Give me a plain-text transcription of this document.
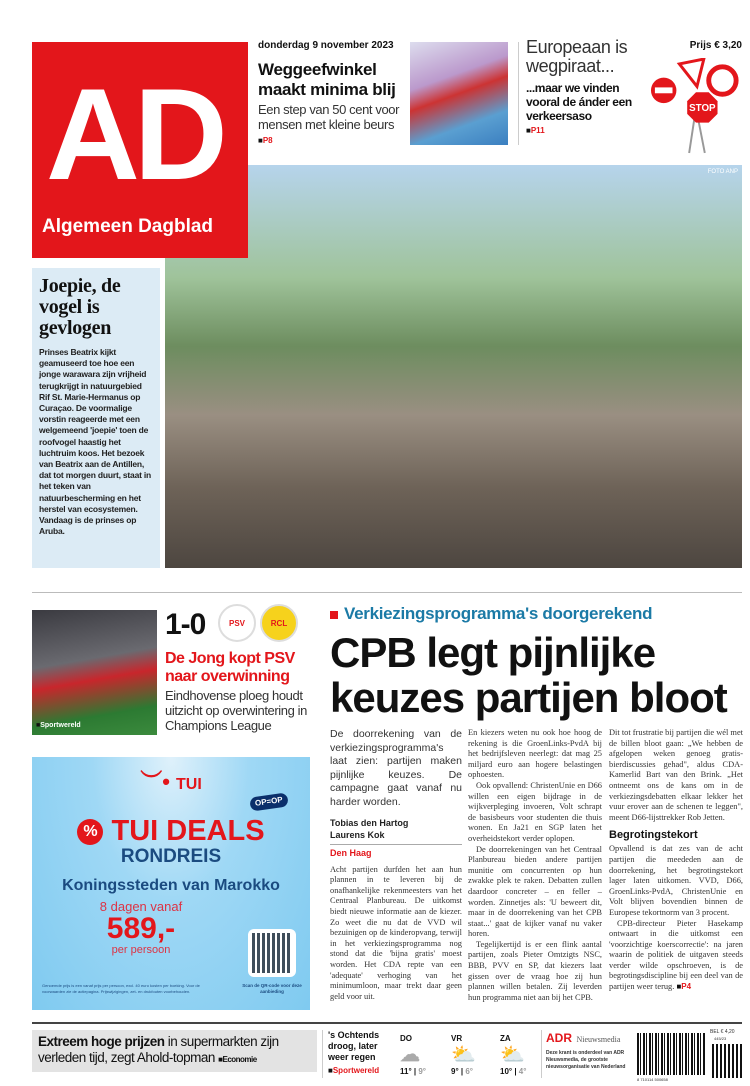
AD
Algemeen Dagblad
donderdag 9 november 2023
Weggeefwinkel maakt minima blij
Een step van 50 cent voor mensen met kleine beurs
■ P8
Europeaan is wegpiraat...
...maar we vinden vooral de ánder een verkeersaso
■ P11
Prijs € 3,20
STOP
FOTO ANP
Joepie, de vogel is gevlogen

Prinses Beatrix kijkt geamuseerd toe hoe een jonge warawara zijn vrijheid terugkrijgt in natuurgebied Rif St. Marie-Hermanus op Curaçao. De voormalige vorstin reageerde met een welgemeend 'joepie' toen de roofvogel haastig het luchtruim koos. Het bezoek van Beatrix aan de Antillen, dat tot morgen duurt, staat in het teken van natuurbescherming en het herstel van ecosystemen. Vandaag is de prinses op Aruba.

■ Sportwereld
1-0	PSV	RCL
De Jong kopt PSV naar overwinning
Eindhovense ploeg houdt uitzicht op overwintering in Champions League
︶• TUI
OP=OP
% TUI DEALS
RONDREIS
Koningssteden van Marokko
8 dagen vanaf
589,-
per persoon
Scan de QR-code voor deze aanbieding
Genoemde prijs is een vanaf prijs per persoon, excl. 40 euro kosten per boeking. Voor de voorwaarden zie de actiepagina. Prijswijzigingen, zet- en drukfouten voorbehouden.
Verkiezingsprogramma's doorgerekend
CPB legt pijnlijke keuzes partijen bloot
De doorrekening van de verkiezingsprogramma's laat zien: partijen maken pijnlijke keuzes. De campagne gaat vanaf nu harder worden.
Tobias den Hartog
Laurens Kok
Den Haag

Acht partijen durfden het aan hun plannen in te leveren bij de onafhankelijke rekenmeesters van het Centraal Planbureau. De uitkomst biedt nieuwe informatie aan de kiezer. Zo weet die nu dat de VVD wil bezuinigen op de kinderopvang, terwijl in het verkiezingsprogramma nog stond dat die 'bijna gratis' moest worden. Het CDA repte van een 'adequate' verhoging van het minimumloon, maar trekt daar geen geld voor uit.

En kiezers weten nu ook hoe hoog de rekening is die GroenLinks-PvdA bij het bedrijfsleven neerlegt: dat mag 25 miljard euro aan hogere belastingen ophoesten.

Ook opvallend: ChristenUnie en D66 willen een eigen bijdrage in de wijkverpleging invoeren, Volt schrapt de basisbeurs voor studenten die thuis wonen. En Ja21 en SGP laten het overheidstekort verder oplopen.

De doorrekeningen van het Centraal Planbureau bieden andere partijen munitie om concurrenten op hun zwakke plek te raken. Debatten zullen daardoor concreter – en feller – worden. Zinnetjes als: 'U beweert dit, maar in de doorrekening van het CPB staat...' gaat de kijker vanaf nu vaker horen.

Tegelijkertijd is er een flink aantal partijen, zoals Pieter Omtzigts NSC, BBB, PVV en SP, dat kiezers laat gissen over de vraag hoe zij hun plannen willen betalen. Zij leverden hun programma niet aan bij het CPB.

Dit tot frustratie bij partijen die wél met de billen bloot gaan: „We hebben de afgelopen weken genoeg gratis-bierdiscussies gehad", aldus CDA-Kamerlid Bart van den Brink. „Het ontneemt ons de kans om in de verkiezingsdebatten elkaar lekker het vuur erover aan de schenen te leggen", meent D66-lijsttrekker Rob Jetten.

Begrotingstekort

Opvallend is dat zes van de acht partijen die meededen aan de doorrekening, het begrotingstekort lager laten uitkomen. VVD, D66, GroenLinks-PvdA, ChristenUnie en Volt blijven bovendien binnen de Europese tekortnorm van 3 procent.

CPB-directeur Pieter Hasekamp ontwaart in die uitkomst een 'voorzichtige koerscorrectie': na jaren waarin de politiek de uitgaven steeds verder wilde opschroeven, is de begrotingsdiscipline bij een deel van de partijen weer terug. ■ P4

Extreem hoge prijzen in supermarkten zijn verleden tijd, zegt Ahold-topman ■ Economie
's Ochtends droog, later weer regen
■ Sportwereld
DO
☁
11° | 9°
VR
⛅
9° | 6°
ZA
⛅
10° | 4°
ADR Nieuwsmedia
Deze krant is onderdeel van ADR Nieuwsmedia, de grootste nieuwsorganisatie van Nederland
8 710114 500658
BEL € 4,20
445/23
